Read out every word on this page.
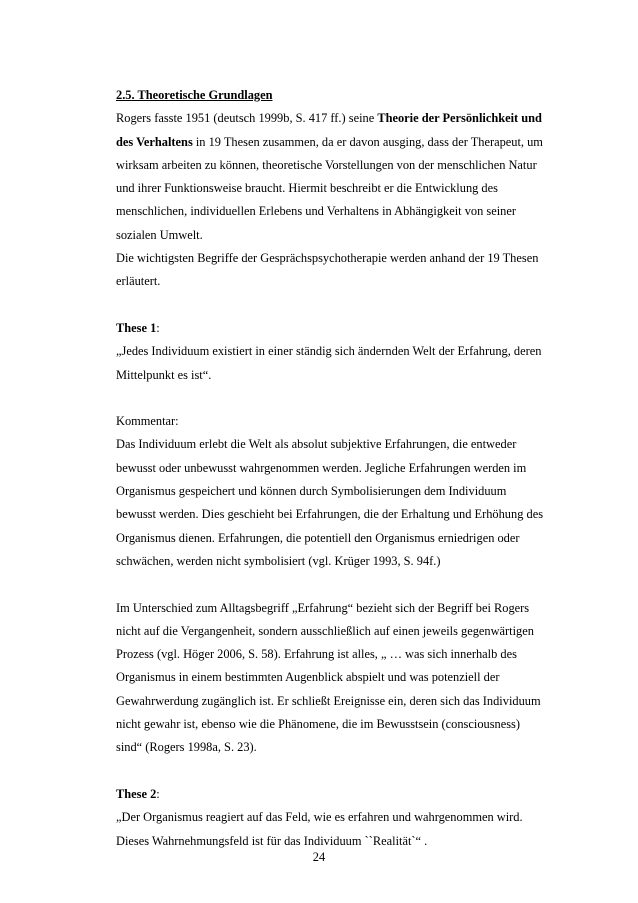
2.5. Theoretische Grundlagen
Rogers fasste 1951 (deutsch 1999b, S. 417 ff.) seine Theorie der Persönlichkeit und
des Verhaltens in 19 Thesen zusammen, da er davon ausging, dass der Therapeut, um
wirksam arbeiten zu können, theoretische Vorstellungen von der menschlichen Natur
und ihrer Funktionsweise braucht. Hiermit beschreibt er die Entwicklung des
menschlichen, individuellen Erlebens und Verhaltens in Abhängigkeit von seiner
sozialen Umwelt.
Die wichtigsten Begriffe der Gesprächspsychotherapie werden anhand der 19 Thesen
erläutert.
These 1:
„Jedes Individuum existiert in einer ständig sich ändernden Welt der Erfahrung, deren
Mittelpunkt es ist“.
Kommentar:
Das Individuum erlebt die Welt als absolut subjektive Erfahrungen, die entweder
bewusst oder unbewusst wahrgenommen werden. Jegliche Erfahrungen werden im
Organismus gespeichert und können durch Symbolisierungen dem Individuum
bewusst werden. Dies geschieht bei Erfahrungen, die der Erhaltung und Erhöhung des
Organismus dienen. Erfahrungen, die potentiell den Organismus erniedrigen oder
schwächen, werden nicht symbolisiert (vgl. Krüger 1993, S. 94f.)
Im Unterschied zum Alltagsbegriff „Erfahrung“ bezieht sich der Begriff bei Rogers
nicht auf die Vergangenheit, sondern ausschließlich auf einen jeweils gegenwärtigen
Prozess (vgl. Höger 2006, S. 58). Erfahrung ist alles, „ … was sich innerhalb des
Organismus in einem bestimmten Augenblick abspielt und was potenziell der
Gewahrwerdung zugänglich ist. Er schließt Ereignisse ein, deren sich das Individuum
nicht gewahr ist, ebenso wie die Phänomene, die im Bewusstsein (consciousness)
sind“ (Rogers 1998a, S. 23).
These 2:
„Der Organismus reagiert auf das Feld, wie es erfahren und wahrgenommen wird.
Dieses Wahrnehmungsfeld ist für das Individuum ``Realität`“ .
24
